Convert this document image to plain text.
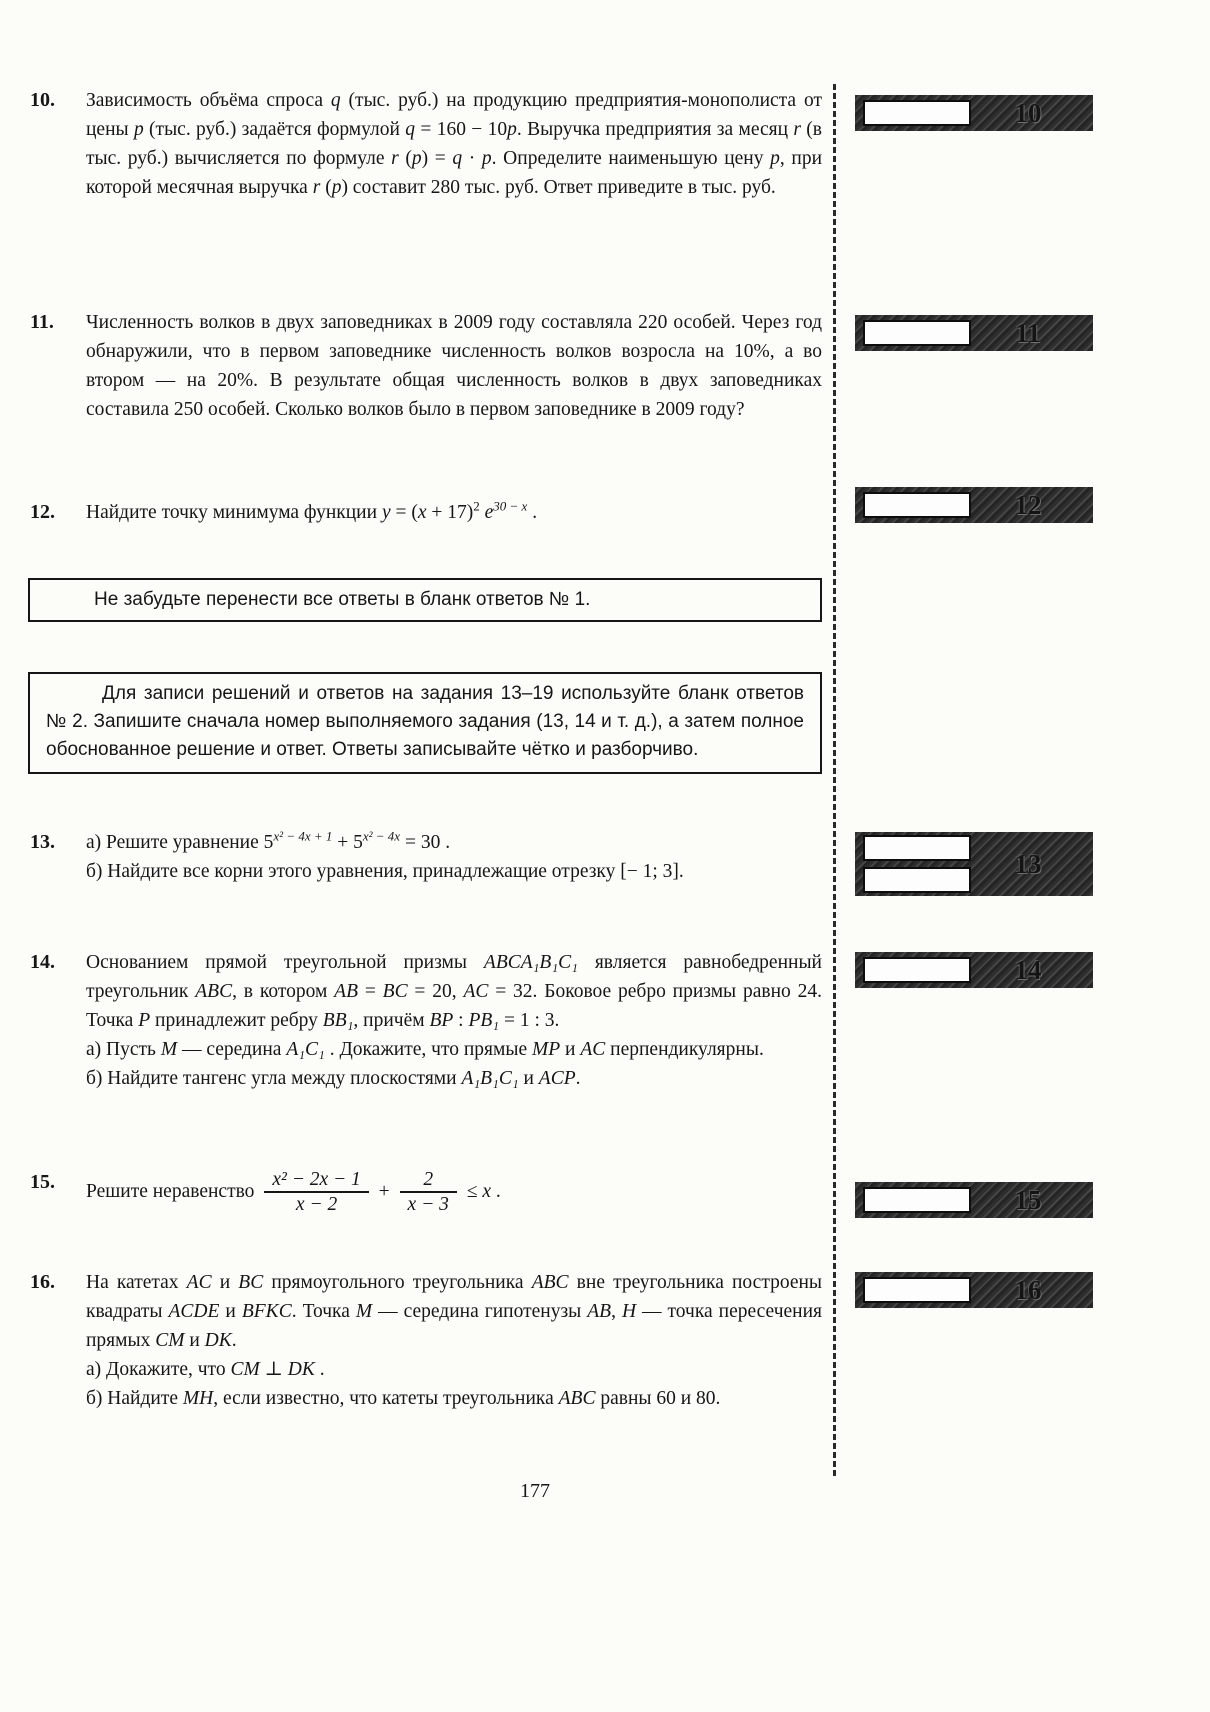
10.	Зависимость объёма спроса q (тыс. руб.) на продукцию предприятия-монополиста от цены p (тыс. руб.) задаётся формулой q = 160 − 10p. Выручка предприятия за месяц r (в тыс. руб.) вычисляется по формуле r (p) = q · p. Определите наименьшую цену p, при которой месячная выручка r (p) составит 280 тыс. руб. Ответ приведите в тыс. руб.
11.	Численность волков в двух заповедниках в 2009 году составляла 220 особей. Через год обнаружили, что в первом заповеднике численность волков возросла на 10%, а во втором — на 20%. В результате общая численность волков в двух заповедниках составила 250 особей. Сколько волков было в первом заповеднике в 2009 году?
12.	Найдите точку минимума функции $y = (x + 17)^2$ $e^{30 - x}$ .
Не забудьте перенести все ответы в бланк ответов № 1.
Для записи решений и ответов на задания 13–19 используйте бланк ответов № 2. Запишите сначала номер выполняемого задания (13, 14 и т. д.), а затем полное обоснованное решение и ответ. Ответы записывайте чётко и разборчиво.
13.	а) Решите уравнение $5^{x^2 - 4x + 1} + 5^{x^2 - 4x} = 30$ .
б) Найдите все корни этого уравнения, принадлежащие отрезку [− 1; 3].
14.	Основанием прямой треугольной призмы ABCA₁B₁C₁ является равнобедренный треугольник ABC, в котором AB = BC = 20, AC = 32. Боковое ребро призмы равно 24. Точка P принадлежит ребру BB₁, причём BP : PB₁ = 1 : 3.
а) Пусть M — середина A₁C₁ . Докажите, что прямые MP и AC перпендикулярны.
б) Найдите тангенс угла между плоскостями A₁B₁C₁ и ACP.
15.	Решите неравенство $\frac{\text{x² − 2x − 1}}{x - 2} + \frac{2}{x - 3} \le x$ .
16.	На катетах AC и BC прямоугольного треугольника ABC вне треугольника построены квадраты ACDE и BFKC. Точка M — середина гипотенузы AB, H — точка пересечения прямых CM и DK.
а) Докажите, что CM ⊥ DK .
б) Найдите MH, если известно, что катеты треугольника ABC равны 60 и 80.
10
11
12
13
14
15
16
177
